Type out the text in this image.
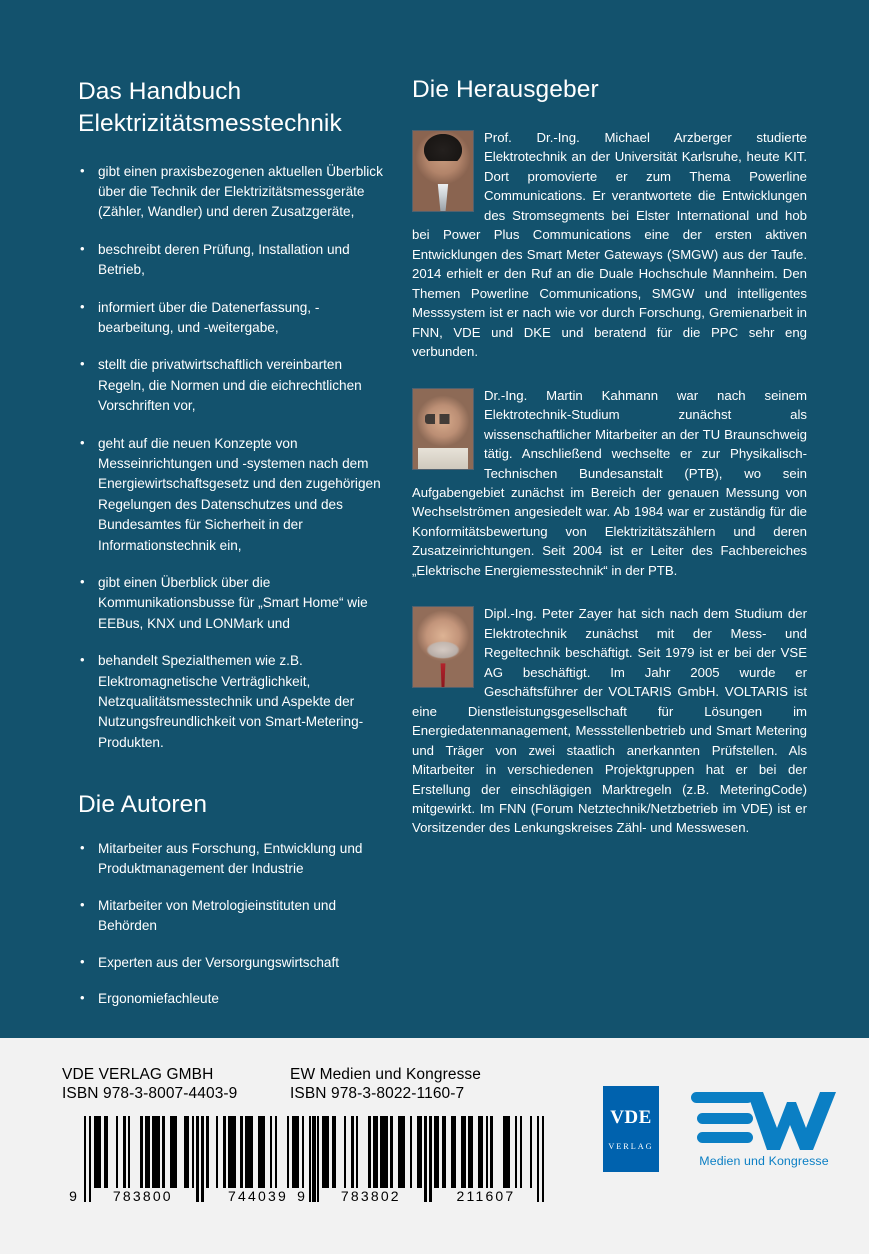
Das Handbuch
Elektrizitätsmesstechnik
• gibt einen praxisbezogenen aktuellen Überblick über die Technik der Elektrizitätsmessgeräte (Zähler, Wandler) und deren Zusatzgeräte,
• beschreibt deren Prüfung, Installation und Betrieb,
• informiert über die Datenerfassung, -bearbeitung, und -weitergabe,
• stellt die privatwirtschaftlich vereinbarten Regeln, die Normen und die eichrechtlichen Vorschriften vor,
• geht auf die neuen Konzepte von Messeinrichtungen und -systemen nach dem Energiewirtschaftsgesetz und den zugehörigen Regelungen des Datenschutzes und des Bundesamtes für Sicherheit in der Informationstechnik ein,
• gibt einen Überblick über die Kommunikationsbusse für „Smart Home“ wie EEBus, KNX und LONMark und
• behandelt Spezialthemen wie z.B. Elektromagnetische Verträglichkeit, Netzqualitätsmesstechnik und Aspekte der Nutzungsfreundlichkeit von Smart-Metering-Produkten.
Die Autoren
• Mitarbeiter aus Forschung, Entwicklung und Produktmanagement der Industrie
• Mitarbeiter von Metrologieinstituten und Behörden
• Experten aus der Versorgungswirtschaft
• Ergonomiefachleute
Die Herausgeber

Prof. Dr.-Ing. Michael Arzberger studierte Elektrotechnik an der Universität Karlsruhe, heute KIT. Dort promovierte er zum Thema Powerline Communications. Er verantwortete die Entwicklungen des Stromsegments bei Elster International und hob bei Power Plus Communications eine der ersten aktiven Entwicklungen des Smart Meter Gateways (SMGW) aus der Taufe. 2014 erhielt er den Ruf an die Duale Hochschule Mannheim. Den Themen Powerline Communications, SMGW und intelligentes Messsystem ist er nach wie vor durch Forschung, Gremienarbeit in FNN, VDE und DKE und beratend für die PPC sehr eng verbunden.

Dr.-Ing. Martin Kahmann war nach seinem Elektrotechnik-Studium zunächst als wissenschaftlicher Mitarbeiter an der TU Braunschweig tätig. Anschließend wechselte er zur Physikalisch-Technischen Bundesanstalt (PTB), wo sein Aufgabengebiet zunächst im Bereich der genauen Messung von Wechselströmen angesiedelt war. Ab 1984 war er zuständig für die Konformitätsbewertung von Elektrizitätszählern und deren Zusatzeinrichtungen. Seit 2004 ist er Leiter des Fachbereiches „Elektrische Energiemesstechnik“ in der PTB.

Dipl.-Ing. Peter Zayer hat sich nach dem Studium der Elektrotechnik zunächst mit der Mess- und Regeltechnik beschäftigt. Seit 1979 ist er bei der VSE AG beschäftigt. Im Jahr 2005 wurde er Geschäftsführer der VOLTARIS GmbH. VOLTARIS ist eine Dienstleistungsgesellschaft für Lösungen im Energiedatenmanagement, Messstellenbetrieb und Smart Metering und Träger von zwei staatlich anerkannten Prüfstellen. Als Mitarbeiter in verschiedenen Projektgruppen hat er bei der Erstellung der einschlägigen Marktregeln (z.B. MeteringCode) mitgewirkt. Im FNN (Forum Netztechnik/Netzbetrieb im VDE) ist er Vorsitzender des Lenkungskreises Zähl- und Messwesen.

VDE VERLAG GMBH
ISBN 978-3-8007-4403-9
9	783800	744039
EW Medien und Kongresse
ISBN 978-3-8022-1160-7
9	783802	211607
VDE
VERLAG
Medien und Kongresse
